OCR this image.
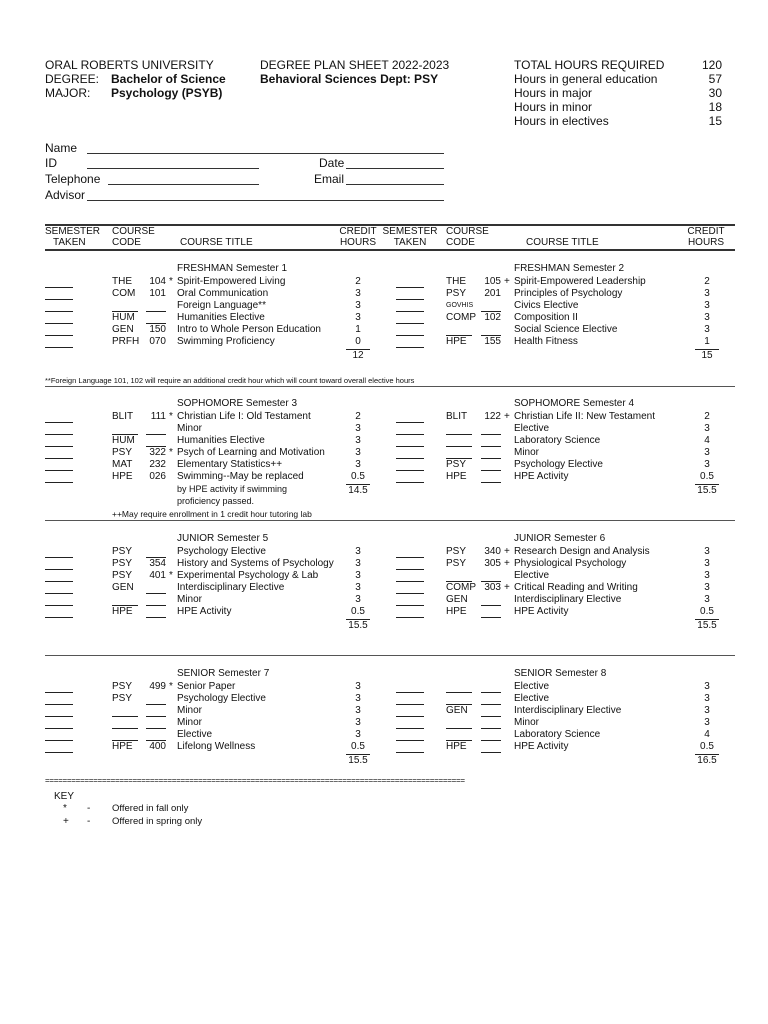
ORAL ROBERTS UNIVERSITY
DEGREE: Bachelor of Science
MAJOR: Psychology (PSYB)
DEGREE PLAN SHEET 2022-2023
Behavioral Sciences Dept: PSY
TOTAL HOURS REQUIRED	120
Hours in general education	57
Hours in major	30
Hours in minor	18
Hours in electives	15
Name
ID	Date
Telephone	Email
Advisor
SEMESTER
TAKEN
COURSE
CODE	COURSE TITLE
CREDIT
HOURS
SEMESTER
TAKEN
COURSE
CODE	COURSE TITLE
CREDIT
HOURS
FRESHMAN Semester 1
THE	104 * Spirit-Empowered Living	2
COM	101 Oral Communication	3
Foreign Language**	3
HUM	Humanities Elective	3
GEN	150 Intro to Whole Person Education	1
PRFH	070 Swimming Proficiency	0
12
FRESHMAN Semester 2
THE	105 + Spirit-Empowered Leadership	2
PSY	201 Principles of Psychology	3
GOVHIS	Civics Elective	3
COMP 102 Composition II	3
Social Science Elective	3
HPE	155 Health Fitness	1
15
SOPHOMORE Semester 3
BLIT	111 * Christian Life I: Old Testament	2
Minor	3
HUM	Humanities Elective	3
PSY	322 * Psych of Learning and Motivation	3
MAT	232 Elementary Statistics++	3
HPE	026 Swimming--May be replaced	0.5
14.5
SOPHOMORE Semester 4
BLIT	122 + Christian Life II: New Testament	2
Elective	3
Laboratory Science	4
Minor	3
PSY	Psychology Elective	3
HPE	HPE Activity	0.5
15.5
JUNIOR Semester 5
PSY	Psychology Elective	3
PSY	354 History and Systems of Psychology	3
PSY	401 * Experimental Psychology & Lab	3
GEN	Interdisciplinary Elective	3
Minor	3
HPE	HPE Activity	0.5
15.5
JUNIOR Semester 6
PSY	340 + Research Design and Analysis	3
PSY	305 + Physiological Psychology	3
Elective	3
COMP 303 + Critical Reading and Writing	3
GEN	Interdisciplinary Elective	3
HPE	HPE Activity	0.5
15.5
SENIOR Semester 7
PSY	499 * Senior Paper	3
PSY	Psychology Elective	3
Minor	3
Minor	3
Elective	3
HPE	400 Lifelong Wellness	0.5
15.5
SENIOR Semester 8
Elective	3
Elective	3
GEN	Interdisciplinary Elective	3
Minor	3
Laboratory Science	4
HPE	HPE Activity	0.5
16.5
**Foreign Language 101, 102 will require an additional credit hour which will count toward overall elective hours
++May require enrollment in 1 credit hour tutoring lab
by HPE activity if swimming
proficiency passed.
================================================================================================
KEY
* - Offered in fall only
+ - Offered in spring only
